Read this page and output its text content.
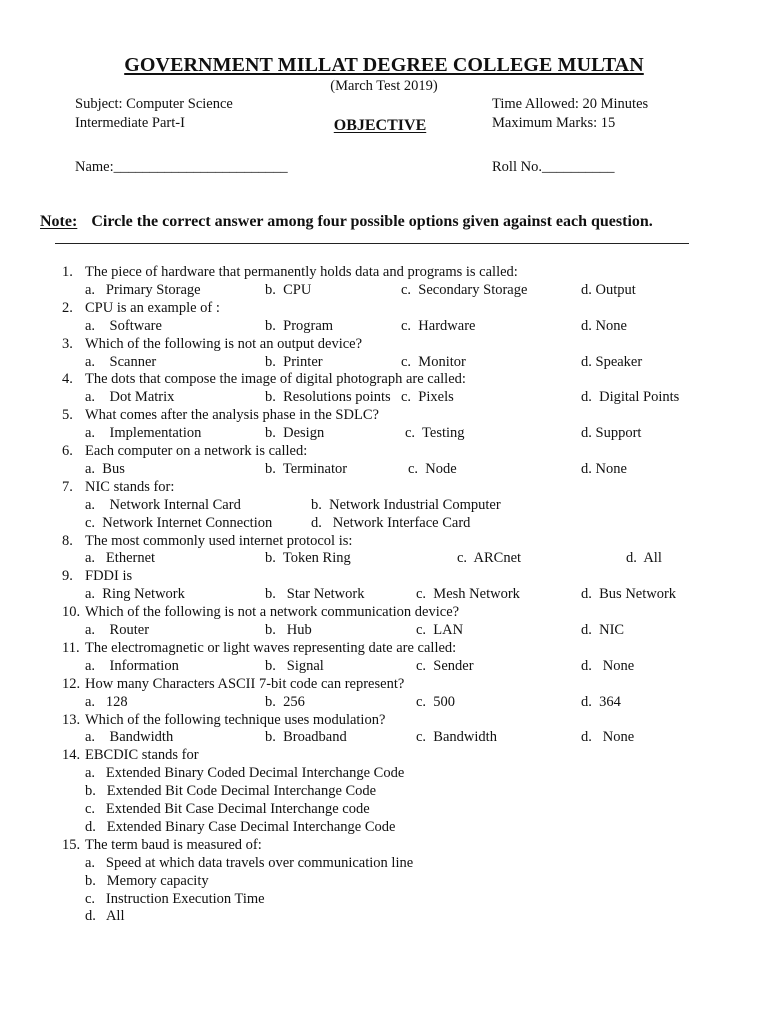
GOVERNMENT MILLAT DEGREE COLLEGE MULTAN
(March Test 2019)
Subject: Computer Science
Intermediate Part-I	OBJECTIVE
Time Allowed: 20 Minutes
Maximum Marks: 15
Name:________________________	Roll No.__________
Note: Circle the correct answer among four possible options given against each question.
1. The piece of hardware that permanently holds data and programs is called:
a.   Primary Storage	b.  CPU	c.  Secondary Storage	d. Output
2. CPU is an example of :
a.    Software	b.  Program	c.  Hardware	d. None
3. Which of the following is not an output device?
a.    Scanner	b.  Printer	c.  Monitor	d. Speaker
4. The dots that compose the image of digital photograph are called:
a.    Dot Matrix	b.  Resolutions points c.  Pixels	d.  Digital Points
5. What comes after the analysis phase in the SDLC?
a.    Implementation	b.  Design	c.  Testing	d. Support
6. Each computer on a network is called:
a.  Bus	b.  Terminator	c.  Node	d. None
7. NIC stands for:
a.    Network Internal Card	b.  Network Industrial Computer
c.  Network Internet Connection	d.   Network Interface Card
8. The most commonly used internet protocol is:
a.   Ethernet	b.  Token Ring	c.  ARCnet	d.  All
9. FDDI is
a.  Ring Network	b.   Star Network	c.  Mesh Network	d.  Bus Network
10. Which of the following is not a network communication device?
a.    Router	b.   Hub	c.  LAN	d.  NIC
11. The electromagnetic or light waves representing date are called:
a.    Information	b.   Signal	c.  Sender	d.   None
12. How many Characters ASCII 7-bit code can represent?
a.   128	b.  256	c.  500	d.  364
13. Which of the following technique uses modulation?
a.    Bandwidth	b.  Broadband	c.  Bandwidth	d.   None
14. EBCDIC stands for
a.   Extended Binary Coded Decimal Interchange Code
b.   Extended Bit Code Decimal Interchange Code
c.   Extended Bit Case Decimal Interchange code
d.   Extended Binary Case Decimal Interchange Code
15. The term baud is measured of:
a.   Speed at which data travels over communication line
b.   Memory capacity
c.   Instruction Execution Time
d.   All
